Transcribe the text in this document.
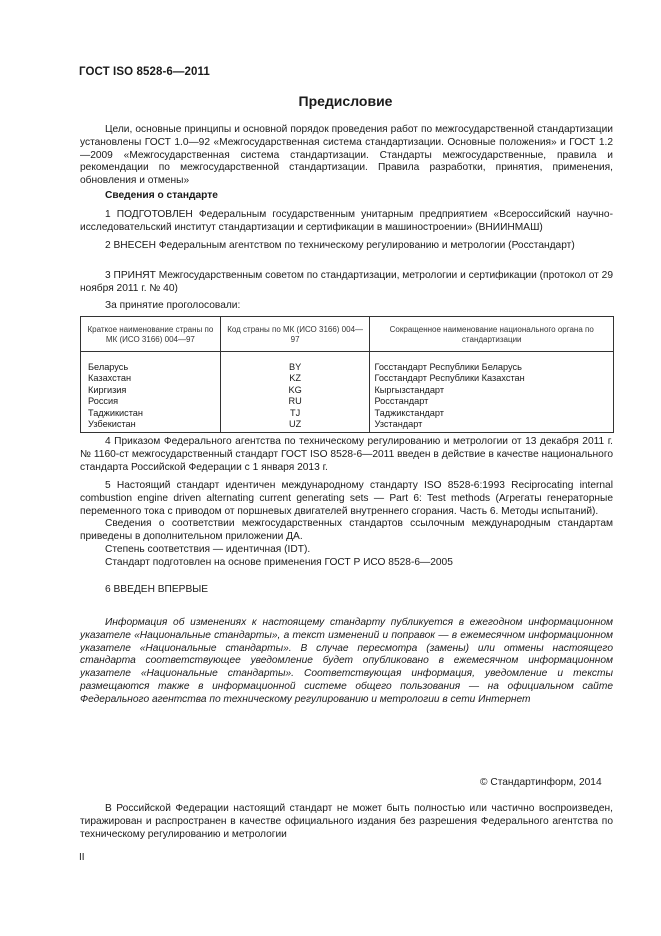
ГОСТ ISO 8528-6—2011
Предисловие

Цели, основные принципы и основной порядок проведения работ по межгосударственной стандартизации установлены ГОСТ 1.0—92 «Межгосударственная система стандартизации. Основные положения» и ГОСТ 1.2—2009 «Межгосударственная система стандартизации. Стандарты межгосударственные, правила и рекомендации по межгосударственной стандартизации. Правила разработки, принятия, применения, обновления и отмены»

Сведения о стандарте

1 ПОДГОТОВЛЕН Федеральным государственным унитарным предприятием «Всероссийский научно-исследовательский институт стандартизации и сертификации в машиностроении» (ВНИИНМАШ)

2 ВНЕСЕН Федеральным агентством по техническому регулированию и метрологии (Росстандарт)

3 ПРИНЯТ Межгосударственным советом по стандартизации, метрологии и сертификации (протокол от 29 ноября 2011 г. № 40)

За принятие проголосовали:

Краткое наименование страны по МК (ИСО 3166) 004—97	Код страны по МК (ИСО 3166) 004—97	Сокращенное наименование национального органа по стандартизации
Беларусь	BY	Госстандарт Республики Беларусь
Казахстан	KZ	Госстандарт Республики Казахстан
Киргизия	KG	Кыргызстандарт
Россия	RU	Росстандарт
Таджикистан	TJ	Таджикстандарт
Узбекистан	UZ	Узстандарт

4 Приказом Федерального агентства по техническому регулированию и метрологии от 13 декабря 2011 г. № 1160-ст межгосударственный стандарт ГОСТ ISO 8528-6—2011 введен в действие в качестве национального стандарта Российской Федерации с 1 января 2013 г.

5 Настоящий стандарт идентичен международному стандарту ISO 8528-6:1993 Reciprocating internal combustion engine driven alternating current generating sets — Part 6: Test methods (Агрегаты генераторные переменного тока с приводом от поршневых двигателей внутреннего сгорания. Часть 6. Методы испытаний).

Сведения о соответствии межгосударственных стандартов ссылочным международным стандартам приведены в дополнительном приложении ДА.

Степень соответствия — идентичная (IDT).

Стандарт подготовлен на основе применения ГОСТ Р ИСО 8528-6—2005

6 ВВЕДЕН ВПЕРВЫЕ

Информация об изменениях к настоящему стандарту публикуется в ежегодном информационном указателе «Национальные стандарты», а текст изменений и поправок — в ежемесячном информационном указателе «Национальные стандарты». В случае пересмотра (замены) или отмены настоящего стандарта соответствующее уведомление будет опубликовано в ежемесячном информационном указателе «Национальные стандарты». Соответствующая информация, уведомление и тексты размещаются также в информационной системе общего пользования — на официальном сайте Федерального агентства по техническому регулированию и метрологии в сети Интернет

© Стандартинформ, 2014

В Российской Федерации настоящий стандарт не может быть полностью или частично воспроизведен, тиражирован и распространен в качестве официального издания без разрешения Федерального агентства по техническому регулированию и метрологии

II
